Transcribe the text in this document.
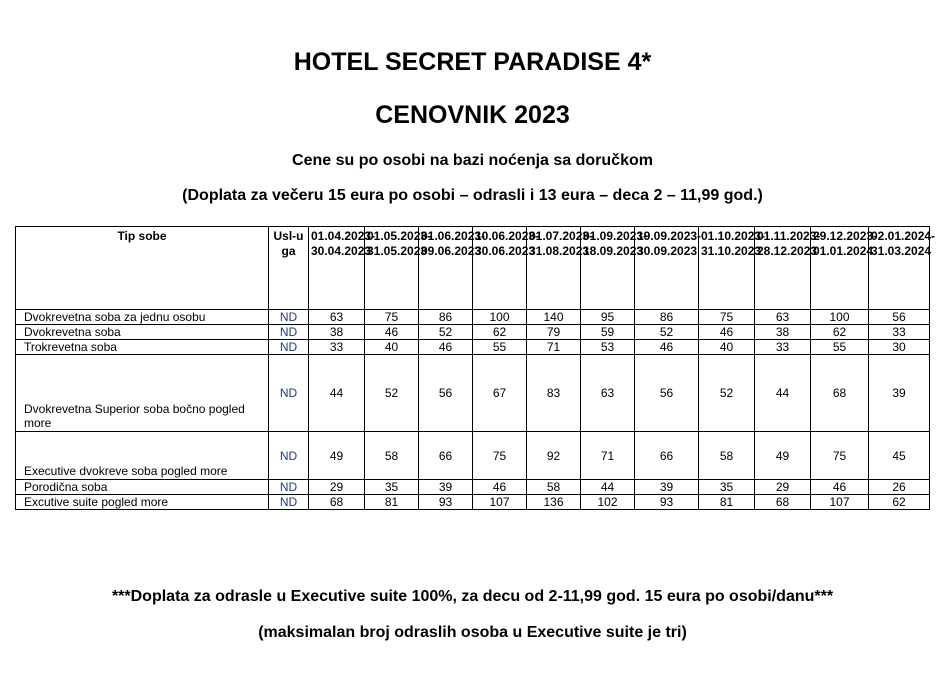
HOTEL SECRET PARADISE 4*
CENOVNIK 2023
Cene su po osobi na bazi noćenja sa doručkom
(Doplata za večeru 15 eura po osobi – odrasli i 13 eura – deca 2 – 11,99 god.)
Tip sobe	Usl-uga	01.04.2023-30.04.2023	01.05.2023-31.05.2023	01.06.2023-09.06.2023	10.06.2023-30.06.2023	01.07.2023-31.08.2023	01.09.2023-18.09.2023	19.09.2023-30.09.2023	01.10.2023-31.10.2023	01.11.2023-28.12.2023	29.12.2023-01.01.2024	02.01.2024-31.03.2024
Dvokrevetna soba za jednu osobu	ND	63	75	86	100	140	95	86	75	63	100	56
Dvokrevetna soba	ND	38	46	52	62	79	59	52	46	38	62	33
Trokrevetna soba	ND	33	40	46	55	71	53	46	40	33	55	30
Dvokrevetna Superior soba bočno pogled more	ND	44	52	56	67	83	63	56	52	44	68	39
Executive dvokreve soba pogled more	ND	49	58	66	75	92	71	66	58	49	75	45
Porodična soba	ND	29	35	39	46	58	44	39	35	29	46	26
Excutive suite pogled more	ND	68	81	93	107	136	102	93	81	68	107	62
***Doplata za odrasle u Executive suite 100%, za decu od 2-11,99 god. 15 eura po osobi/danu***
(maksimalan broj odraslih osoba u Executive suite je tri)
